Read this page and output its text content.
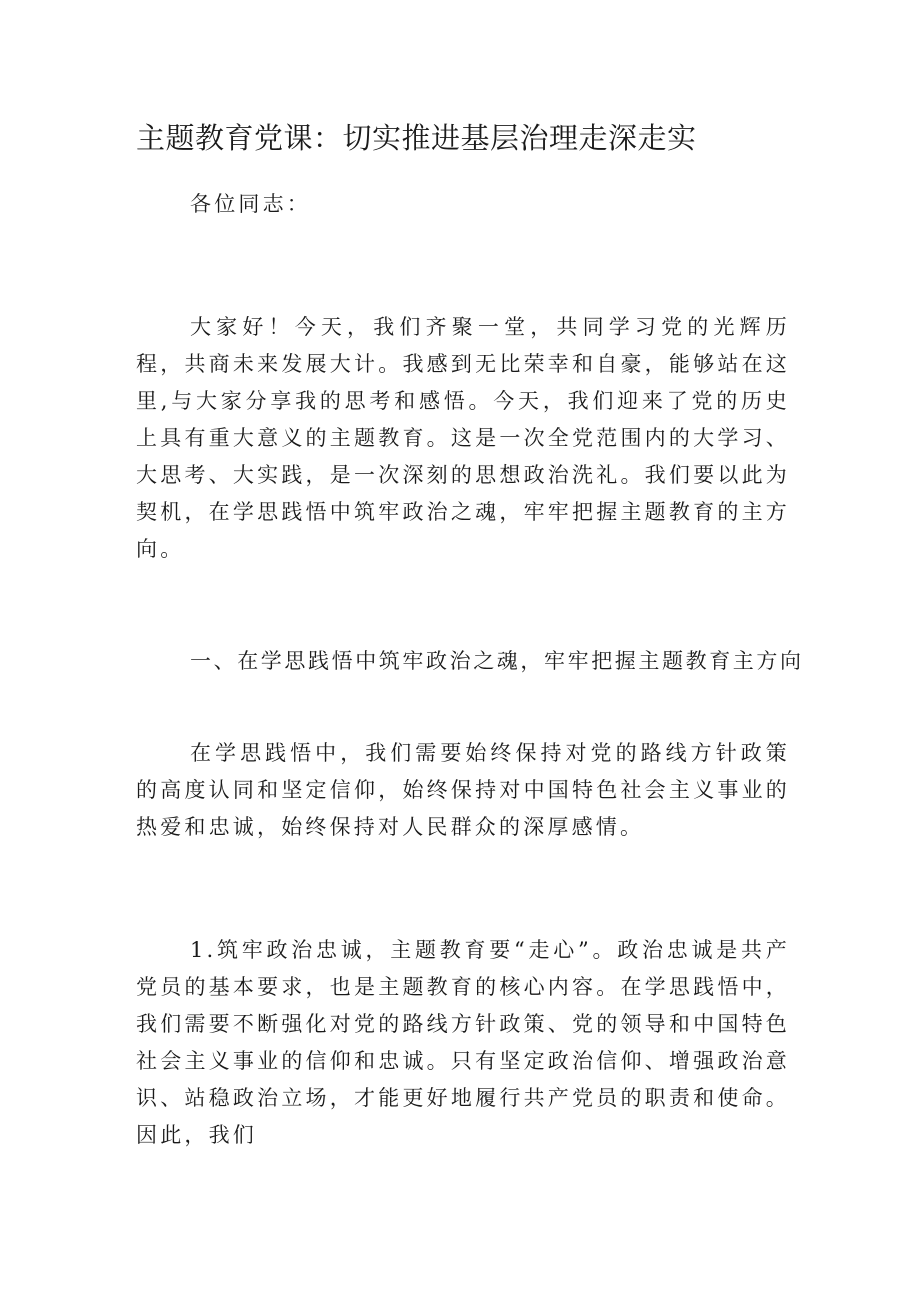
主题教育党课：切实推进基层治理走深走实

各位同志：

大家好！今天，我们齐聚一堂，共同学习党的光辉历程，共商未来发展大计。我感到无比荣幸和自豪，能够站在这里,与大家分享我的思考和感悟。今天，我们迎来了党的历史上具有重大意义的主题教育。这是一次全党范围内的大学习、大思考、大实践，是一次深刻的思想政治洗礼。我们要以此为契机，在学思践悟中筑牢政治之魂，牢牢把握主题教育的主方向。

一、在学思践悟中筑牢政治之魂，牢牢把握主题教育主方向

在学思践悟中，我们需要始终保持对党的路线方针政策的高度认同和坚定信仰，始终保持对中国特色社会主义事业的热爱和忠诚，始终保持对人民群众的深厚感情。

1.筑牢政治忠诚，主题教育要“走心”。政治忠诚是共产党员的基本要求，也是主题教育的核心内容。在学思践悟中，我们需要不断强化对党的路线方针政策、党的领导和中国特色社会主义事业的信仰和忠诚。只有坚定政治信仰、增强政治意识、站稳政治立场，才能更好地履行共产党员的职责和使命。因此，我们
